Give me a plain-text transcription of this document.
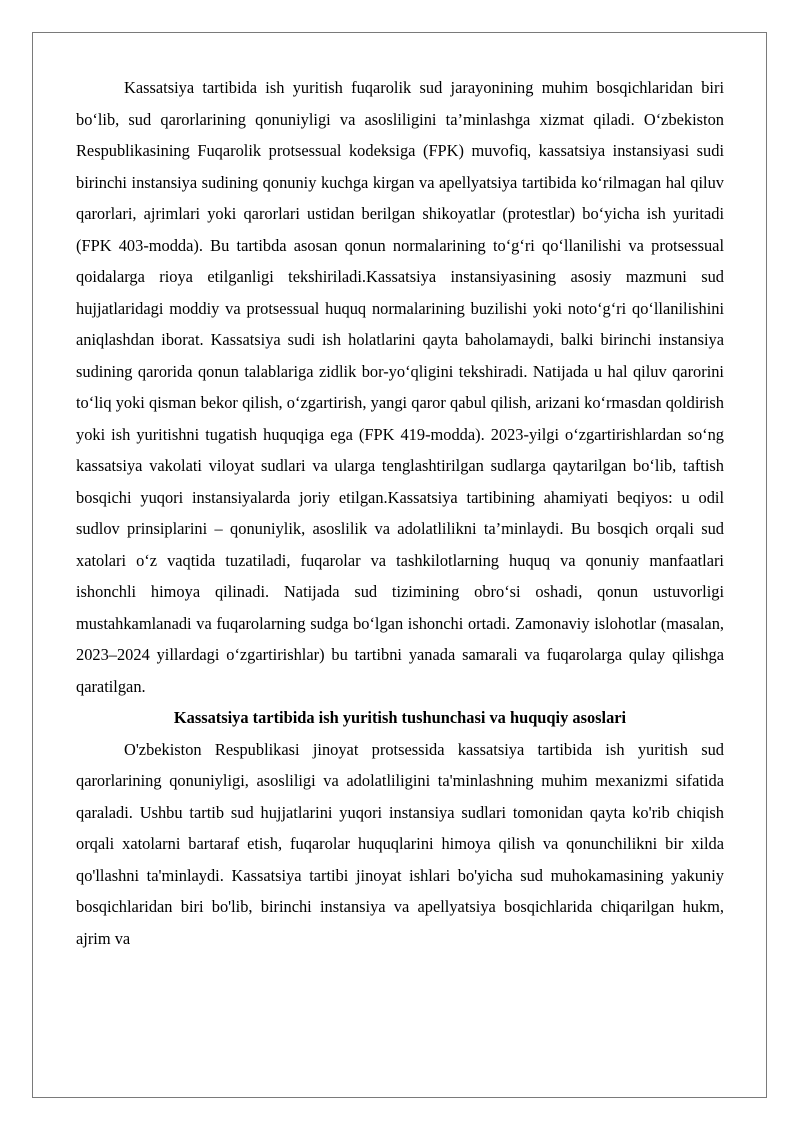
Kassatsiya tartibida ish yuritish fuqarolik sud jarayonining muhim bosqichlaridan biri bo‘lib, sud qarorlarining qonuniyligi va asosliligini ta’minlashga xizmat qiladi. O‘zbekiston Respublikasining Fuqarolik protsessual kodeksiga (FPK) muvofiq, kassatsiya instansiyasi sudi birinchi instansiya sudining qonuniy kuchga kirgan va apellyatsiya tartibida ko‘rilmagan hal qiluv qarorlari, ajrimlari yoki qarorlari ustidan berilgan shikoyatlar (protestlar) bo‘yicha ish yuritadi (FPK 403-modda). Bu tartibda asosan qonun normalarining to‘g‘ri qo‘llanilishi va protsessual qoidalarga rioya etilganligi tekshiriladi.Kassatsiya instansiyasining asosiy mazmuni sud hujjatlaridagi moddiy va protsessual huquq normalarining buzilishi yoki noto‘g‘ri qo‘llanilishini aniqlashdan iborat. Kassatsiya sudi ish holatlarini qayta baholamaydi, balki birinchi instansiya sudining qarorida qonun talablariga zidlik bor-yo‘qligini tekshiradi. Natijada u hal qiluv qarorini to‘liq yoki qisman bekor qilish, o‘zgartirish, yangi qaror qabul qilish, arizani ko‘rmasdan qoldirish yoki ish yuritishni tugatish huquqiga ega (FPK 419-modda). 2023-yilgi o‘zgartirishlardan so‘ng kassatsiya vakolati viloyat sudlari va ularga tenglashtirilgan sudlarga qaytarilgan bo‘lib, taftish bosqichi yuqori instansiyalarda joriy etilgan.Kassatsiya tartibining ahamiyati beqiyos: u odil sudlov prinsiplarini – qonuniylik, asoslilik va adolatlilikni ta’minlaydi. Bu bosqich orqali sud xatolari o‘z vaqtida tuzatiladi, fuqarolar va tashkilotlarning huquq va qonuniy manfaatlari ishonchli himoya qilinadi. Natijada sud tizimining obro‘si oshadi, qonun ustuvorligi mustahkamlanadi va fuqarolarning sudga bo‘lgan ishonchi ortadi. Zamonaviy islohotlar (masalan, 2023–2024 yillardagi o‘zgartirishlar) bu tartibni yanada samarali va fuqarolarga qulay qilishga qaratilgan.

Kassatsiya tartibida ish yuritish tushunchasi va huquqiy asoslari

O'zbekiston Respublikasi jinoyat protsessida kassatsiya tartibida ish yuritish sud qarorlarining qonuniyligi, asosliligi va adolatliligini ta'minlashning muhim mexanizmi sifatida qaraladi. Ushbu tartib sud hujjatlarini yuqori instansiya sudlari tomonidan qayta ko'rib chiqish orqali xatolarni bartaraf etish, fuqarolar huquqlarini himoya qilish va qonunchilikni bir xilda qo'llashni ta'minlaydi. Kassatsiya tartibi jinoyat ishlari bo'yicha sud muhokamasining yakuniy bosqichlaridan biri bo'lib, birinchi instansiya va apellyatsiya bosqichlarida chiqarilgan hukm, ajrim va
